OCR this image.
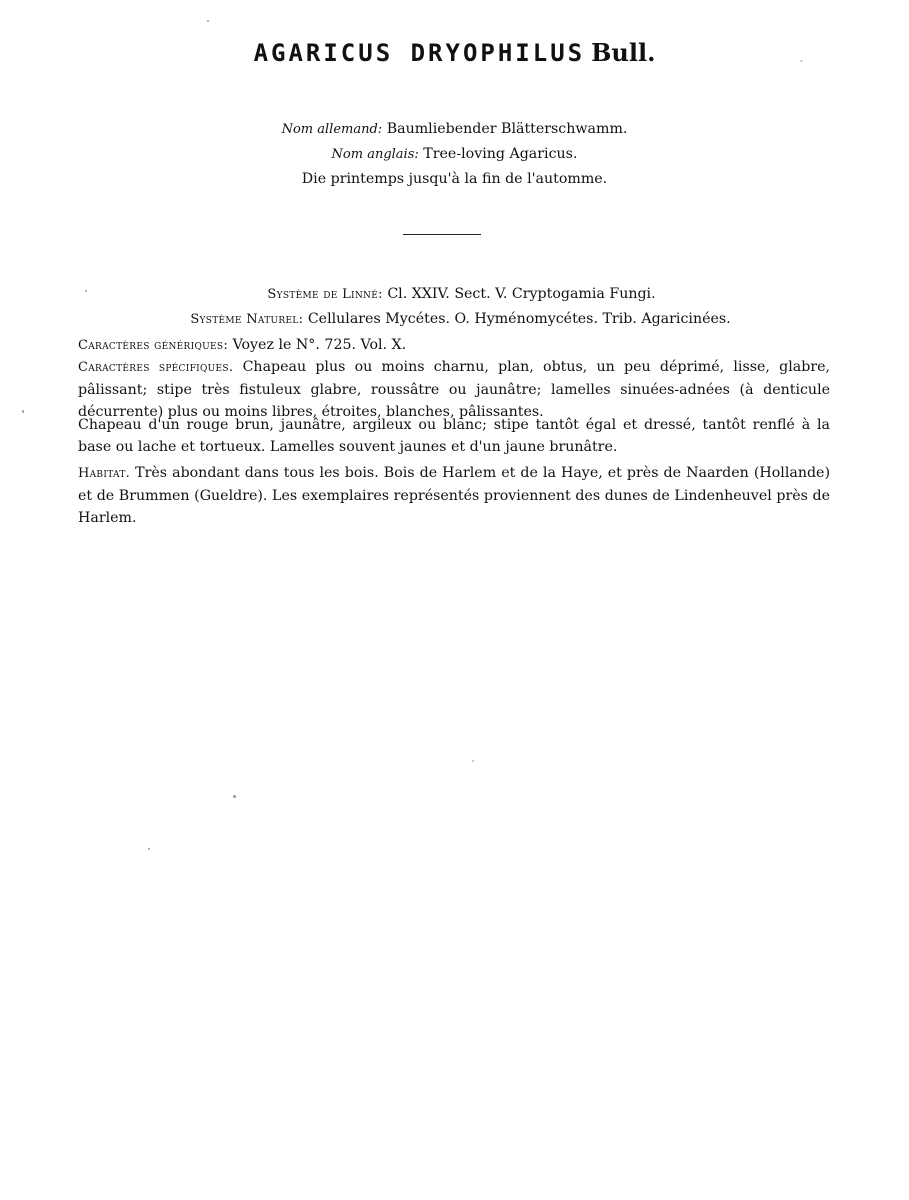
AGARICUS DRYOPHILUS Bull.
Nom allemand: Baumliebender Blätterschwamm.
Nom anglais: Tree-loving Agaricus.
Die printemps jusqu'à la fin de l'automme.
Système de Linné: Cl. XXIV. Sect. V. Cryptogamia Fungi.
Système Naturel: Cellulares Mycétes. O. Hyménomycétes. Trib. Agaricinées.

Caractères génériques: Voyez le N°. 725. Vol. X.

Caractères spécifiques. Chapeau plus ou moins charnu, plan, obtus, un peu déprimé, lisse, glabre, pâlissant; stipe très fistuleux glabre, roussâtre ou jaunâtre; lamelles sinuées-adnées (à denticule décurrente) plus ou moins libres, étroites, blanches, pâlissantes.

Chapeau d'un rouge brun, jaunâtre, argileux ou blanc; stipe tantôt égal et dressé, tantôt renflé à la base ou lache et tortueux. Lamelles souvent jaunes et d'un jaune brunâtre.

Habitat. Très abondant dans tous les bois. Bois de Harlem et de la Haye, et près de Naarden (Hollande) et de Brummen (Gueldre). Les exemplaires représentés proviennent des dunes de Lindenheuvel près de Harlem.
